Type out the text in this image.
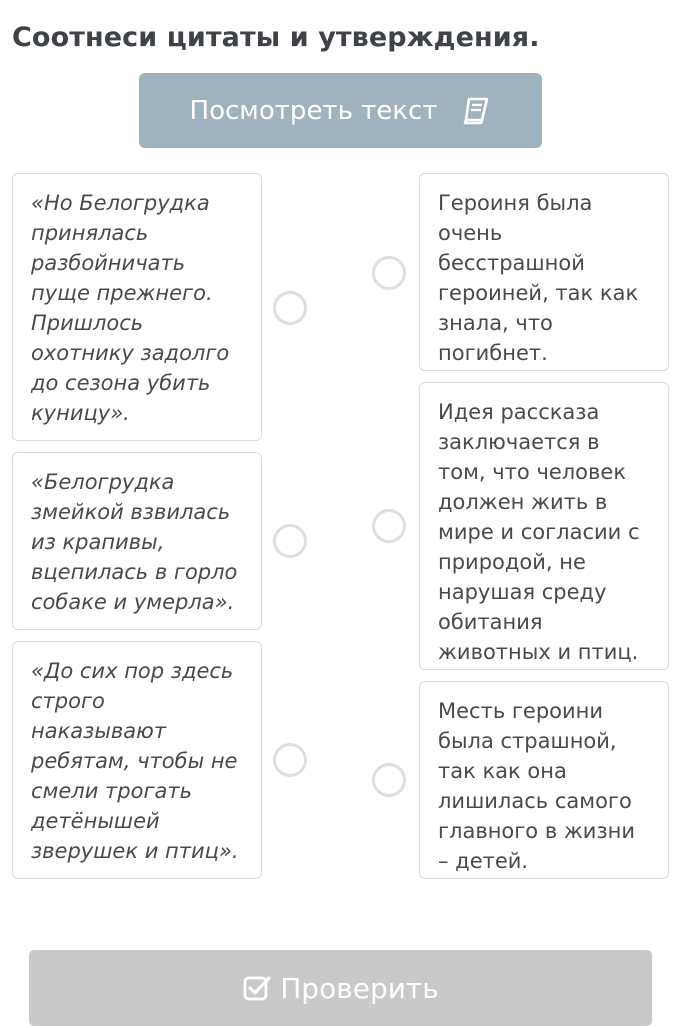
Соотнеси цитаты и утверждения.
Посмотреть текст
«Но Белогрудка принялась разбойничать пуще прежнего. Пришлось охотнику задолго до сезона убить куницу».
«Белогрудка змейкой взвилась из крапивы, вцепилась в горло собаке и умерла».
«До сих пор здесь строго наказывают ребятам, чтобы не смели трогать детёнышей зверушек и птиц».
Героиня была очень бесстрашной героиней, так как знала, что погибнет.
Идея рассказа заключается в том, что человек должен жить в мире и согласии с природой, не нарушая среду обитания животных и птиц.
Месть героини была страшной, так как она лишилась самого главного в жизни – детей.
Проверить
